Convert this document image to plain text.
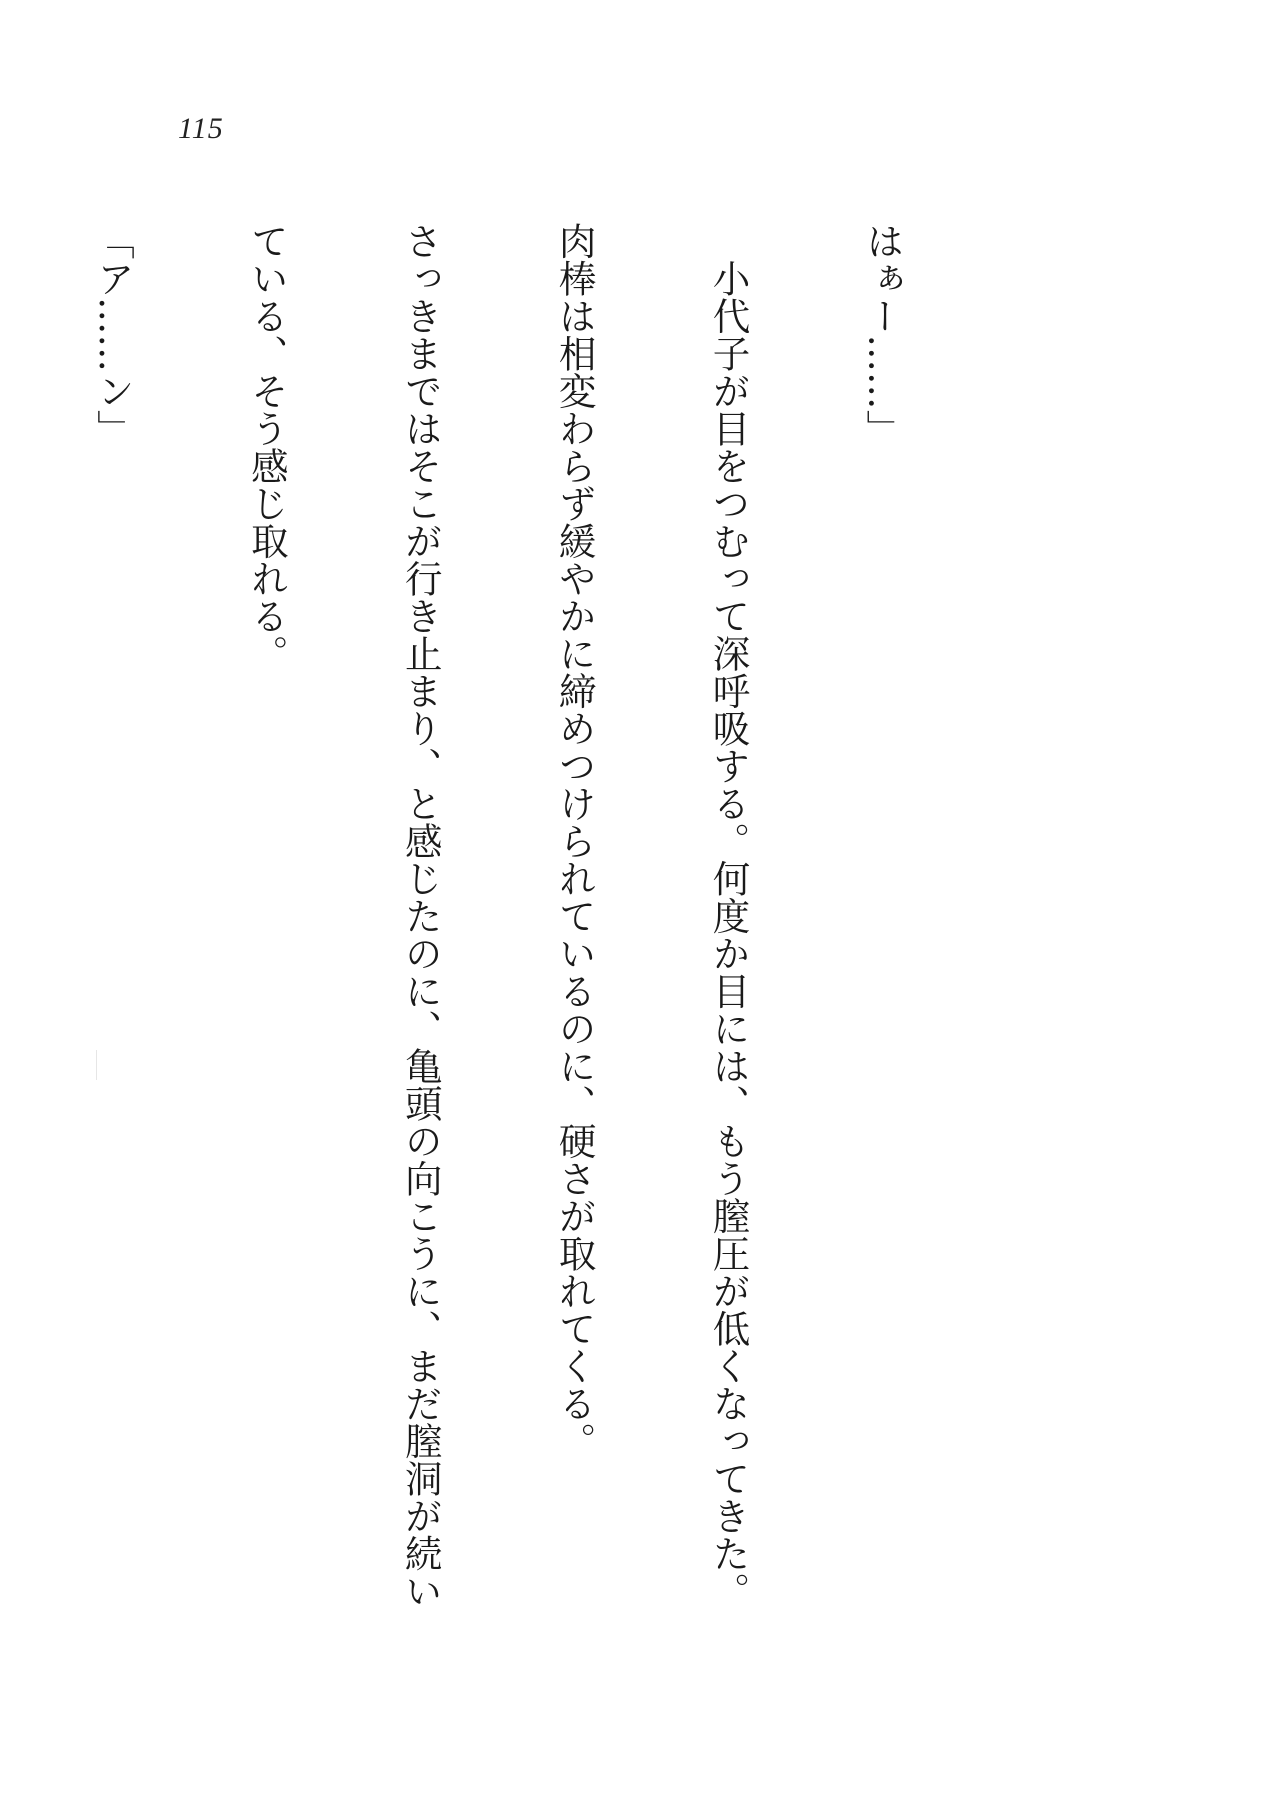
115

はぁー……」

　小代子が目をつむって深呼吸する。何度か目には、もう膣圧が低くなってきた。

肉棒は相変わらず緩やかに締めつけられているのに、硬さが取れてくる。

さっきまではそこが行き止まり、と感じたのに、亀頭の向こうに、まだ膣洞が続い

ている、そう感じ取れる。

「ア……ン」
